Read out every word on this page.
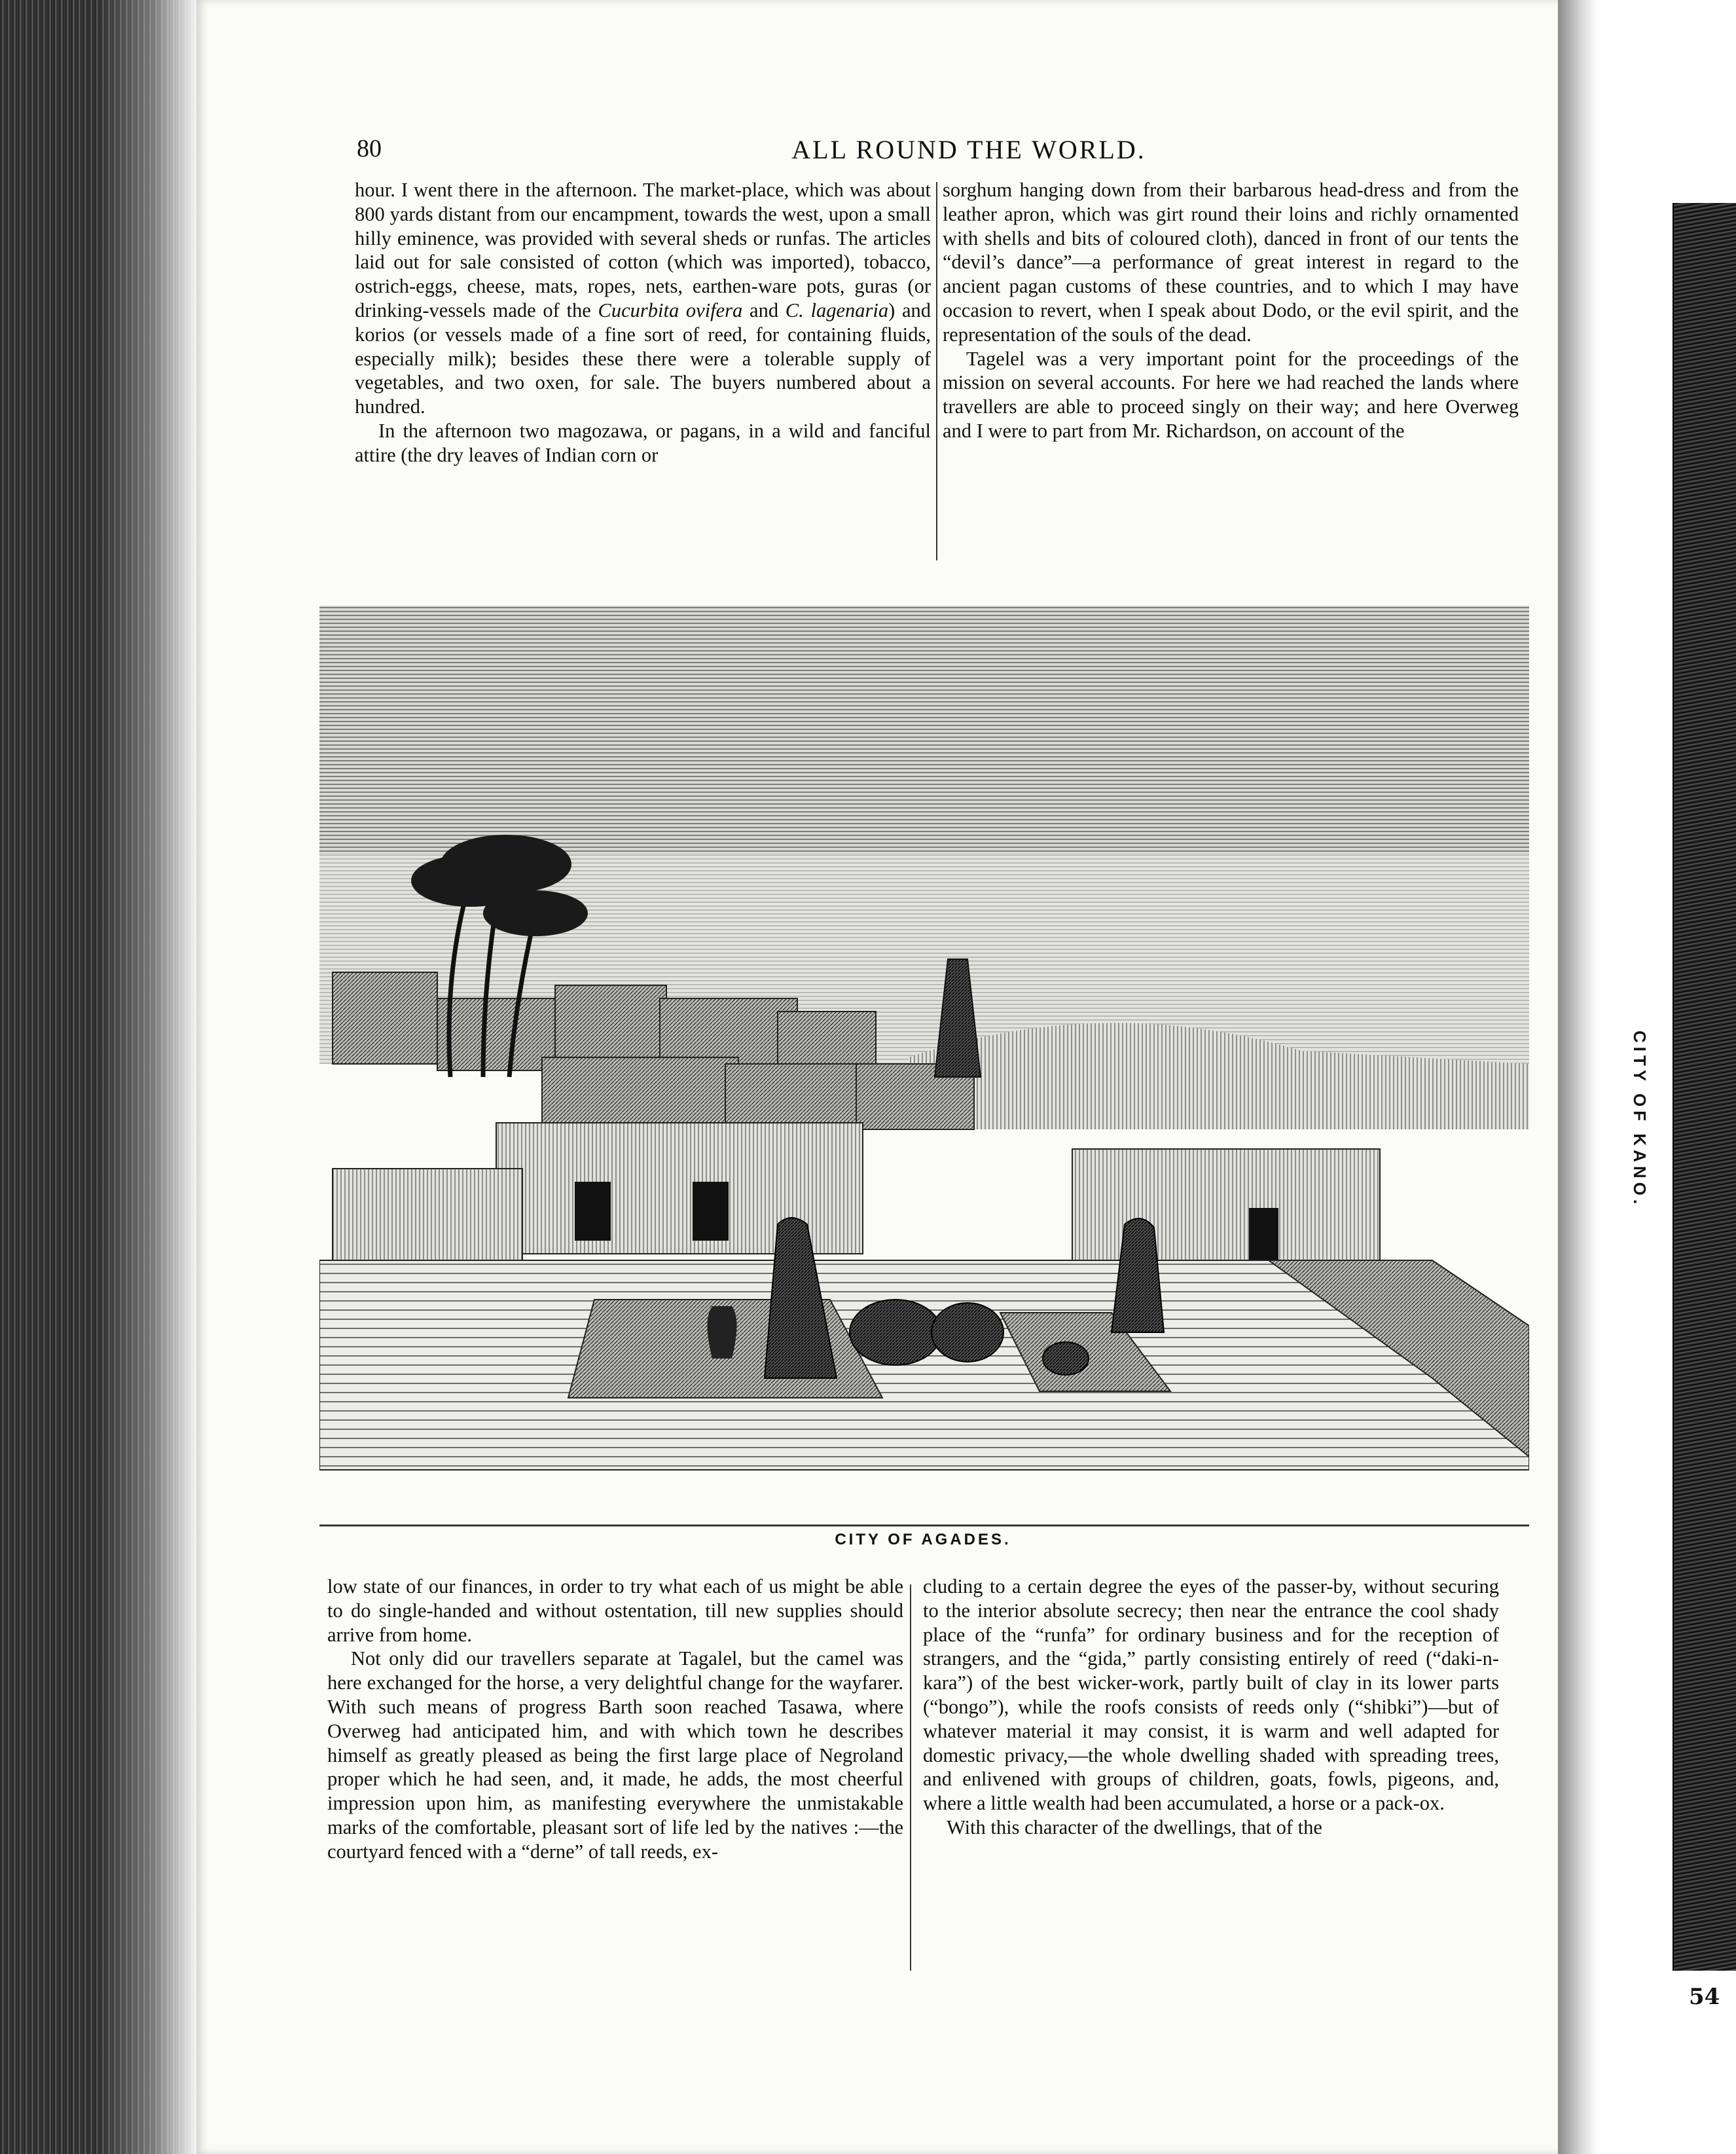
CITY OF KANO.
54
80	ALL ROUND THE WORLD.

hour. I went there in the afternoon. The market-place, which was about 800 yards distant from our encampment, towards the west, upon a small hilly eminence, was provided with several sheds or runfas. The articles laid out for sale consisted of cotton (which was imported), tobacco, ostrich-eggs, cheese, mats, ropes, nets, earthen-ware pots, guras (or drinking-vessels made of the Cucurbita ovifera and C. lagenaria) and korios (or vessels made of a fine sort of reed, for containing fluids, especially milk); besides these there were a tolerable supply of vegetables, and two oxen, for sale. The buyers numbered about a hundred.

In the afternoon two magozawa, or pagans, in a wild and fanciful attire (the dry leaves of Indian corn or

sorghum hanging down from their barbarous head-dress and from the leather apron, which was girt round their loins and richly ornamented with shells and bits of coloured cloth), danced in front of our tents the “devil’s dance”—a performance of great interest in regard to the ancient pagan customs of these countries, and to which I may have occasion to revert, when I speak about Dodo, or the evil spirit, and the representation of the souls of the dead.

Tagelel was a very important point for the proceedings of the mission on several accounts. For here we had reached the lands where travellers are able to proceed singly on their way; and here Overweg and I were to part from Mr. Richardson, on account of the

CITY OF AGADES.

low state of our finances, in order to try what each of us might be able to do single-handed and without ostentation, till new supplies should arrive from home.

Not only did our travellers separate at Tagalel, but the camel was here exchanged for the horse, a very delightful change for the wayfarer. With such means of progress Barth soon reached Tasawa, where Overweg had anticipated him, and with which town he describes himself as greatly pleased as being the first large place of Negroland proper which he had seen, and, it made, he adds, the most cheerful impression upon him, as manifesting everywhere the unmistakable marks of the comfortable, pleasant sort of life led by the natives :—the courtyard fenced with a “derne” of tall reeds, ex-

cluding to a certain degree the eyes of the passer-by, without securing to the interior absolute secrecy; then near the entrance the cool shady place of the “runfa” for ordinary business and for the reception of strangers, and the “gida,” partly consisting entirely of reed (“daki-n-kara”) of the best wicker-work, partly built of clay in its lower parts (“bongo”), while the roofs consists of reeds only (“shibki”)—but of whatever material it may consist, it is warm and well adapted for domestic privacy,—the whole dwelling shaded with spreading trees, and enlivened with groups of children, goats, fowls, pigeons, and, where a little wealth had been accumulated, a horse or a pack-ox.

With this character of the dwellings, that of the
